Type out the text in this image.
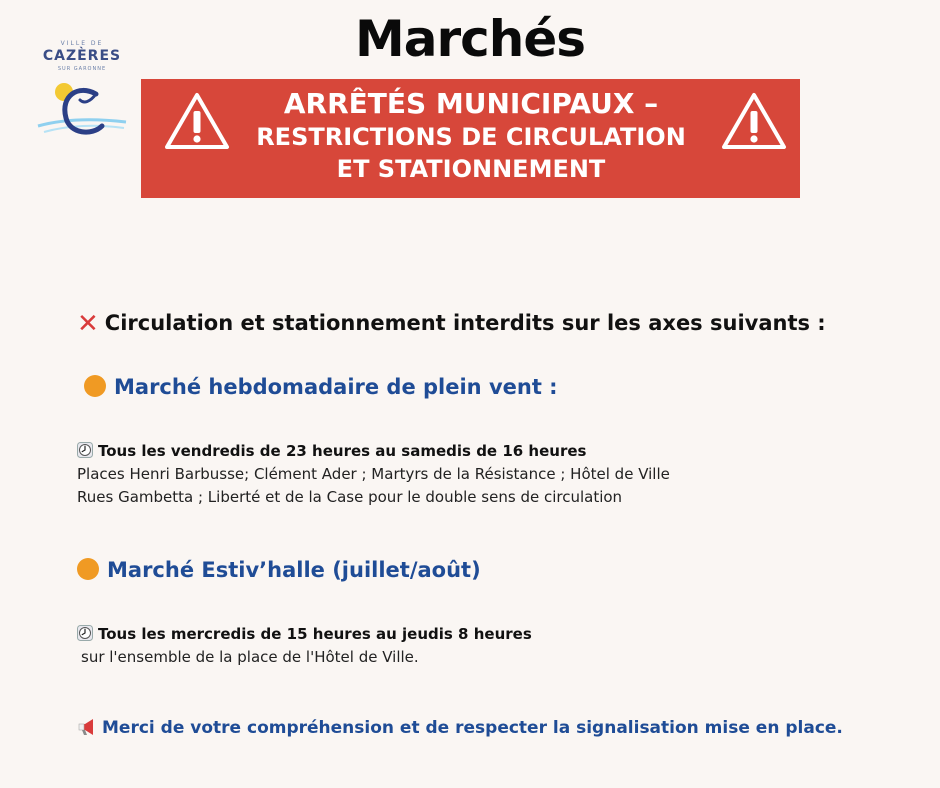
VILLE DE
CAZÈRES
SUR GARONNE
Marchés
ARRÊTÉS MUNICIPAUX –
RESTRICTIONS DE CIRCULATION
ET STATIONNEMENT
✕ Circulation et stationnement interdits sur les axes suivants :
Marché hebdomadaire de plein vent :
Tous les vendredis de 23 heures au samedis de 16 heures
Places Henri Barbusse; Clément Ader ; Martyrs de la Résistance ; Hôtel de Ville
Rues Gambetta ; Liberté et de la Case pour le double sens de circulation
Marché Estiv’halle (juillet/août)
Tous les mercredis de 15 heures au jeudis 8 heures
sur l'ensemble de la place de l'Hôtel de Ville.
Merci de votre compréhension et de respecter la signalisation mise en place.
